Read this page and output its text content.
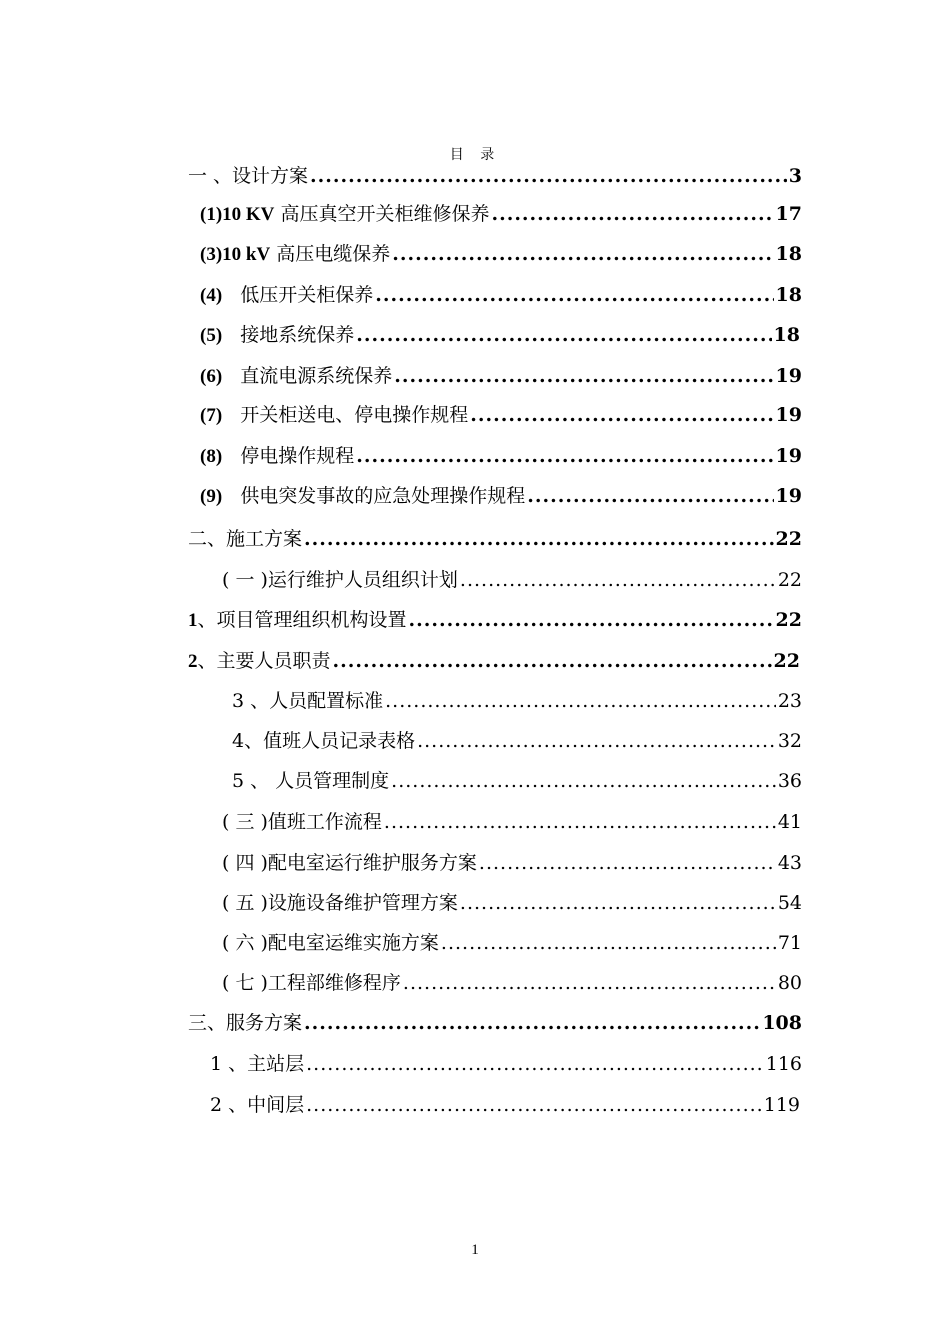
目 录
一 、设计方案 .....	3
(1)10 KV 高压真空开关柜维修保养 .....	17
(3)10 kV 高压电缆保养 .....	18
(4) 低压开关柜保养 .....	18
(5) 接地系统保养 .....	18
(6) 直流电源系统保养 .....	19
(7) 开关柜送电、停电操作规程 .....	19
(8) 停电操作规程 .....	19
(9) 供电突发事故的应急处理操作规程 .....	19
二、施工方案 .....	22
( 一 )运行维护人员组织计划 .....	22
1、项目管理组织机构设置 .....	22
2、主要人员职责 .....	22
3 、人员配置标准 .....	23
4、值班人员记录表格 .....	32
5 、 人员管理制度 .....	36
( 三 )值班工作流程 .....	41
( 四 )配电室运行维护服务方案 .....	43
( 五 )设施设备维护管理方案 .....	54
( 六 )配电室运维实施方案 .....	71
( 七 )工程部维修程序 .....	80
三、服务方案 .....	108
1 、主站层 .....	116
2 、中间层 .....	119
1
